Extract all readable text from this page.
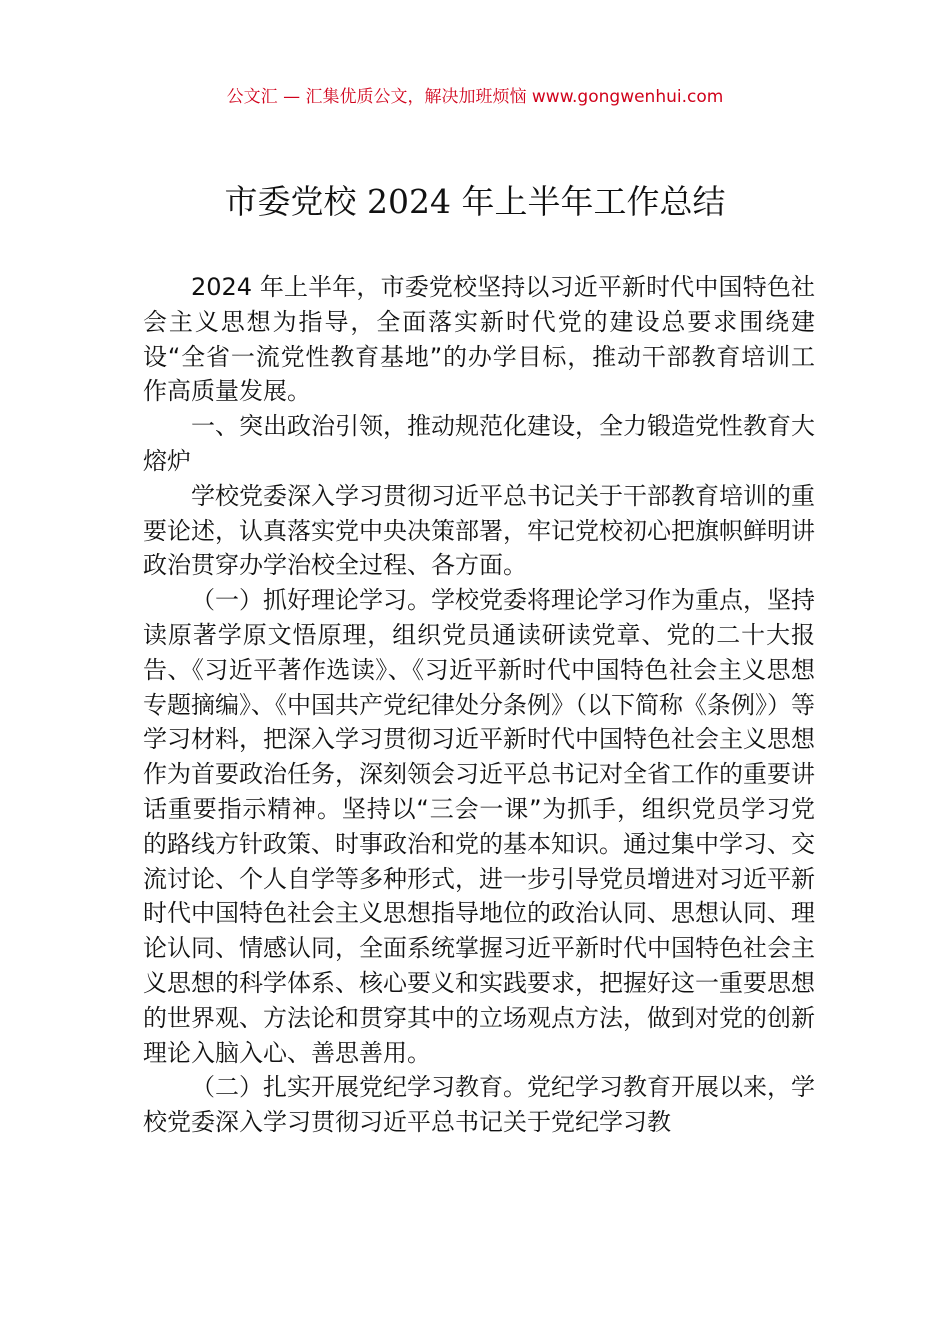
公文汇 — 汇集优质公文，解决加班烦恼 www.gongwenhui.com
市委党校 2024 年上半年工作总结

2024 年上半年，市委党校坚持以习近平新时代中国特色社会主义思想为指导，全面落实新时代党的建设总要求围绕建设“全省一流党性教育基地”的办学目标，推动干部教育培训工作高质量发展。

一、突出政治引领，推动规范化建设，全力锻造党性教育大熔炉

学校党委深入学习贯彻习近平总书记关于干部教育培训的重要论述，认真落实党中央决策部署，牢记党校初心把旗帜鲜明讲政治贯穿办学治校全过程、各方面。

（一）抓好理论学习。学校党委将理论学习作为重点，坚持读原著学原文悟原理，组织党员通读研读党章、党的二十大报告、《习近平著作选读》、《习近平新时代中国特色社会主义思想专题摘编》、《中国共产党纪律处分条例》（以下简称《条例》）等学习材料，把深入学习贯彻习近平新时代中国特色社会主义思想作为首要政治任务，深刻领会习近平总书记对全省工作的重要讲话重要指示精神。坚持以“三会一课”为抓手，组织党员学习党的路线方针政策、时事政治和党的基本知识。通过集中学习、交流讨论、个人自学等多种形式，进一步引导党员增进对习近平新时代中国特色社会主义思想指导地位的政治认同、思想认同、理论认同、情感认同，全面系统掌握习近平新时代中国特色社会主义思想的科学体系、核心要义和实践要求，把握好这一重要思想的世界观、方法论和贯穿其中的立场观点方法，做到对党的创新理论入脑入心、善思善用。

（二）扎实开展党纪学习教育。党纪学习教育开展以来，学校党委深入学习贯彻习近平总书记关于党纪学习教
